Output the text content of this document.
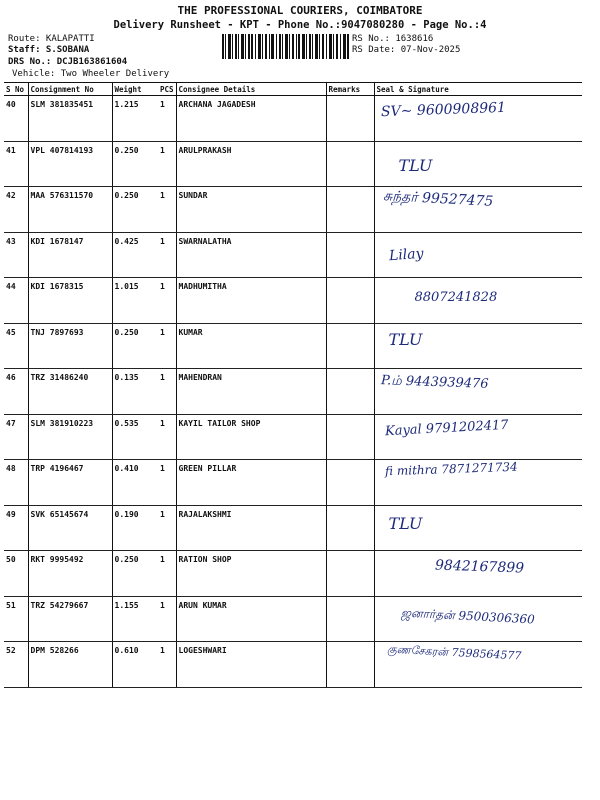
THE PROFESSIONAL COURIERS, COIMBATORE
Delivery Runsheet - KPT - Phone No.:9047080280 - Page No.:4
Route: KALAPATTI
Staff: S.SOBANA
DRS No.: DCJB163861604
Vehicle: Two Wheeler Delivery
RS No.: 1638616
RS Date: 07-Nov-2025
S No	Consignment No	Weight	PCS	Consignee Details	Remarks	Seal & Signature
40	SLM 381835451	1.215	1	ARCHANA JAGADESH		SV~ 9600908961

41	VPL 407814193	0.250	1	ARULPRAKASH		TLU

42	MAA 576311570	0.250	1	SUNDAR		சுந்தர் 99527475

43	KDI 1678147	0.425	1	SWARNALATHA		Lilay

44	KDI 1678315	1.015	1	MADHUMITHA		8807241828

45	TNJ 7897693	0.250	1	KUMAR		TLU

46	TRZ 31486240	0.135	1	MAHENDRAN		P.ம் 9443939476

47	SLM 381910223	0.535	1	KAYIL TAILOR SHOP		Kayal 9791202417

48	TRP 4196467	0.410	1	GREEN PILLAR		fi mithra 7871271734

49	SVK 65145674	0.190	1	RAJALAKSHMI		TLU

50	RKT 9995492	0.250	1	RATION SHOP		9842167899

51	TRZ 54279667	1.155	1	ARUN KUMAR		ஜனார்தன் 9500306360

52	DPM 528266	0.610	1	LOGESHWARI		குணசேகரன் 7598564577
